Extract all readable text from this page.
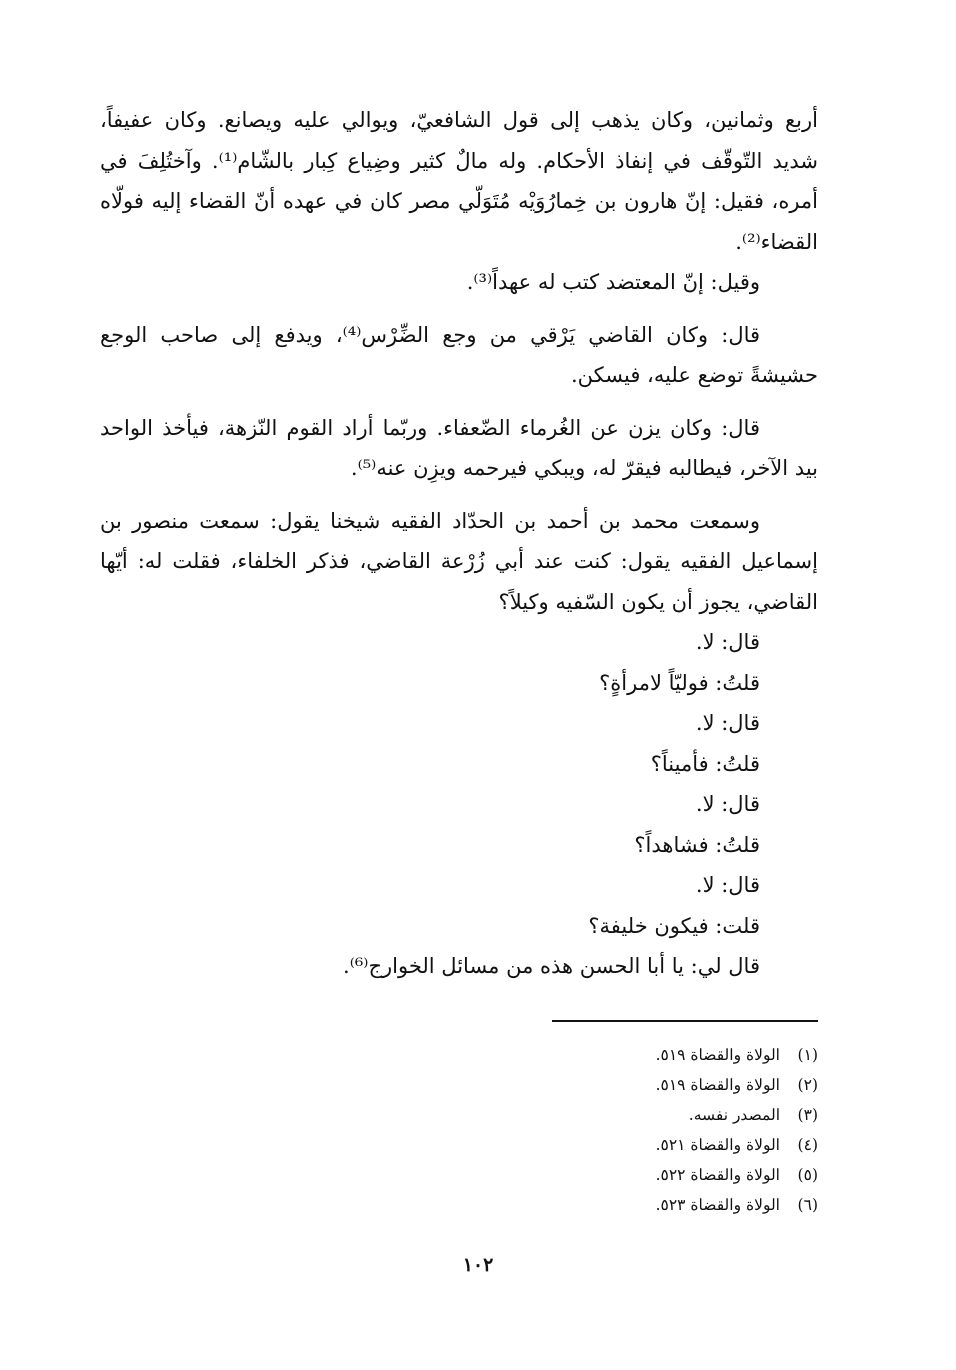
أربع وثمانين، وكان يذهب إلى قول الشافعيّ، ويوالي عليه ويصانع. وكان عفيفاً، شديد التّوقّف في إنفاذ الأحكام. وله مالٌ كثير وضِياع كِبار بالشّام⁽¹⁾. وآختُلِفَ في أمره، فقيل: إنّ هارون بن خِمارُوَيْه مُتَوَلّي مصر كان في عهده أنّ القضاء إليه فولّاه القضاء⁽²⁾.

وقيل: إنّ المعتضد كتب له عهداً⁽³⁾.

قال: وكان القاضي يَرْقي من وجع الضِّرْس⁽⁴⁾، ويدفع إلى صاحب الوجع حشيشةً توضع عليه، فيسكن.

قال: وكان يزن عن الغُرماء الضّعفاء. وربّما أراد القوم النّزهة، فيأخذ الواحد بيد الآخر، فيطالبه فيقرّ له، ويبكي فيرحمه ويزِن عنه⁽⁵⁾.

وسمعت محمد بن أحمد بن الحدّاد الفقيه شيخنا يقول: سمعت منصور بن إسماعيل الفقيه يقول: كنت عند أبي زُرْعة القاضي، فذكر الخلفاء، فقلت له: أيّها القاضي، يجوز أن يكون السّفيه وكيلاً؟

قال: لا.
قلتُ: فوليّاً لامرأةٍ؟
قال: لا.
قلتُ: فأميناً؟
قال: لا.
قلتُ: فشاهداً؟
قال: لا.
قلت: فيكون خليفة؟
قال لي: يا أبا الحسن هذه من مسائل الخوارج⁽⁶⁾.
(١)
الولاة والقضاة ٥١٩.
(٢)
الولاة والقضاة ٥١٩.
(٣)
المصدر نفسه.
(٤)
الولاة والقضاة ٥٢١.
(٥)
الولاة والقضاة ٥٢٢.
(٦)
الولاة والقضاة ٥٢٣.
١٠٢
